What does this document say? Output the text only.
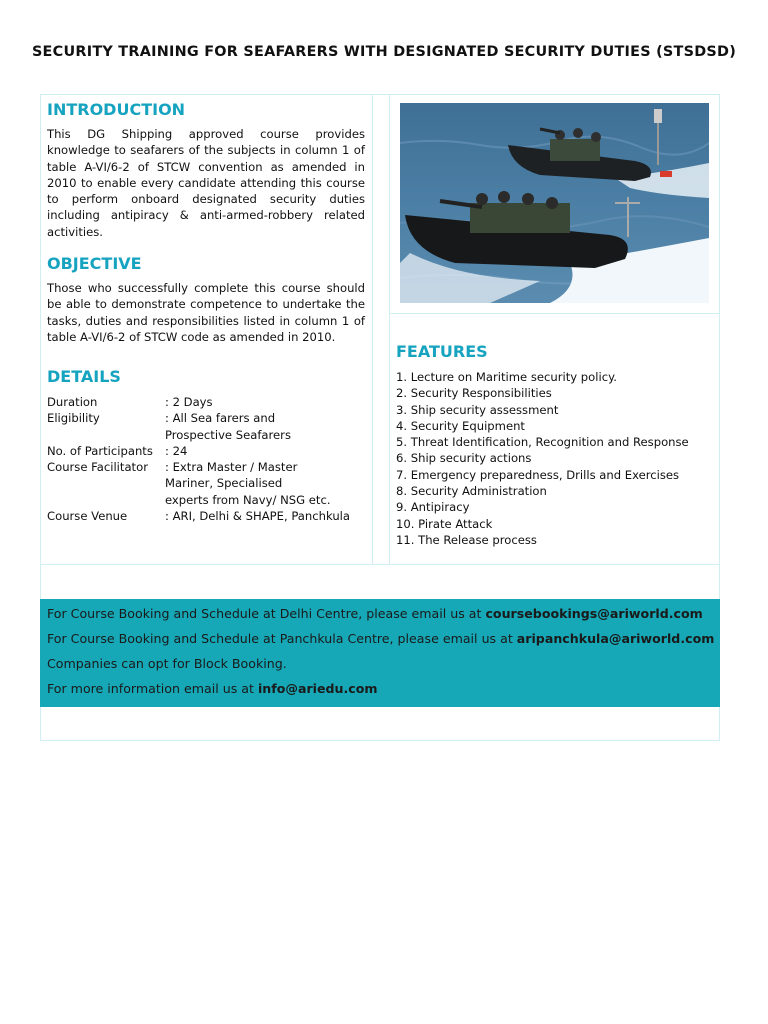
SECURITY TRAINING FOR SEAFARERS WITH DESIGNATED SECURITY DUTIES (STSDSD)
INTRODUCTION

This DG Shipping approved course provides knowledge to seafarers of the subjects in column 1 of table A-VI/6-2 of STCW convention as amended in 2010 to enable every candidate attending this course to perform onboard designated security duties including antipiracy & anti-armed-robbery related activities.

OBJECTIVE

Those who successfully complete this course should be able to demonstrate competence to undertake the tasks, duties and responsibilities listed in column 1 of table A-VI/6-2 of STCW code as amended in 2010.

DETAILS
Duration	: 2 Days
Eligibility	: All Sea farers and
Prospective Seafarers
No. of Participants	: 24
Course Facilitator	: Extra Master / Master
Mariner, Specialised
experts from Navy/ NSG etc.
Course Venue	: ARI, Delhi & SHAPE, Panchkula
FEATURES
1. Lecture on Maritime security policy.
2. Security Responsibilities
3. Ship security assessment
4. Security Equipment
5. Threat Identification, Recognition and Response
6. Ship security actions
7. Emergency preparedness, Drills and Exercises
8. Security Administration
9. Antipiracy
10. Pirate Attack
11. The Release process
For Course Booking and Schedule at Delhi Centre, please email us at coursebookings@ariworld.com
For Course Booking and Schedule at Panchkula Centre, please email us at aripanchkula@ariworld.com
Companies can opt for Block Booking.
For more information email us at info@ariedu.com
